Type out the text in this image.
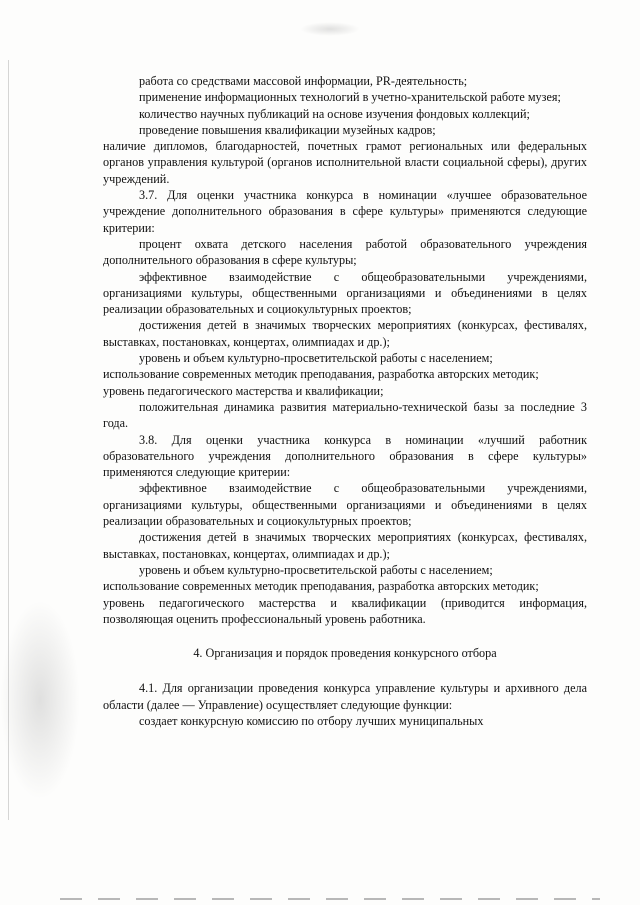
работа со средствами массовой информации, PR-деятельность;

применение информационных технологий в учетно-хранительской работе музея;

количество научных публикаций на основе изучения фондовых коллекций;

проведение повышения квалификации музейных кадров;

наличие дипломов, благодарностей, почетных грамот региональных или федеральных органов управления культурой (органов исполнительной власти социальной сферы), других учреждений.

3.7. Для оценки участника конкурса в номинации «лучшее образовательное учреждение дополнительного образования в сфере культуры» применяются следующие критерии:

процент охвата детского населения работой образовательного учреждения дополнительного образования в сфере культуры;

эффективное взаимодействие с общеобразовательными учреждениями, организациями культуры, общественными организациями и объединениями в целях реализации образовательных и социокультурных проектов;

достижения детей в значимых творческих мероприятиях (конкурсах, фестивалях, выставках, постановках, концертах, олимпиадах и др.);

уровень и объем культурно-просветительской работы с населением;

использование современных методик преподавания, разработка авторских методик;

уровень педагогического мастерства и квалификации;

положительная динамика развития материально-технической базы за последние 3 года.

3.8. Для оценки участника конкурса в номинации «лучший работник образовательного учреждения дополнительного образования в сфере культуры» применяются следующие критерии:

эффективное взаимодействие с общеобразовательными учреждениями, организациями культуры, общественными организациями и объединениями в целях реализации образовательных и социокультурных проектов;

достижения детей в значимых творческих мероприятиях (конкурсах, фестивалях, выставках, постановках, концертах, олимпиадах и др.);

уровень и объем культурно-просветительской работы с населением;

использование современных методик преподавания, разработка авторских методик;

уровень педагогического мастерства и квалификации (приводится информация, позволяющая оценить профессиональный уровень работника.

4. Организация и порядок проведения конкурсного отбора

4.1. Для организации проведения конкурса управление культуры и архивного дела области (далее — Управление) осуществляет следующие функции:

создает конкурсную комиссию по отбору лучших муниципальных
